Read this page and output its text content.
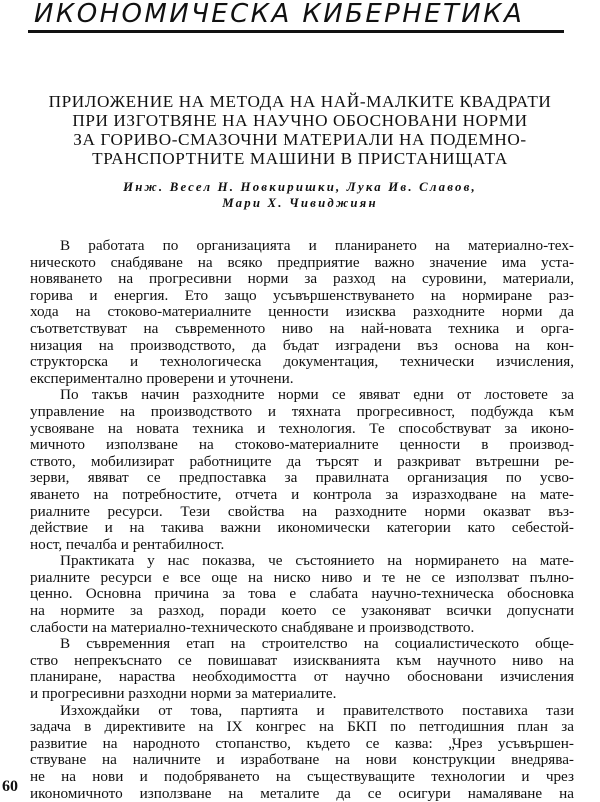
ИКОНОМИЧЕСКА КИБЕРНЕТИКА
ПРИЛОЖЕНИЕ НА МЕТОДА НА НАЙ-МАЛКИТЕ КВАДРАТИ
ПРИ ИЗГОТВЯНЕ НА НАУЧНО ОБОСНОВАНИ НОРМИ
ЗА ГОРИВО-СМАЗОЧНИ МАТЕРИАЛИ НА ПОДЕМНО-
ТРАНСПОРТНИТЕ МАШИНИ В ПРИСТАНИЩАТА
Инж. Весел Н. Новкиришки, Лука Ив. Славов,
Мари Х. Чивиджиян
В работата по организацията и планирането на материално-тех-
ническото снабдяване на всяко предприятие важно значение има уста-
новяването на прогресивни норми за разход на суровини, материали,
горива и енергия. Ето защо усъвършенствуването на нормиране раз-
хода на стоково-материалните ценности изисква разходните норми да
съответствуват на съвременното ниво на най-новата техника и орга-
низация на производството, да бъдат изградени въз основа на кон-
структорска и технологическа документация, технически изчисления,
експериментално проверени и уточнени.
По такъв начин разходните норми се явяват едни от лостовете за
управление на производството и тяхната прогресивност, подбужда към
усвояване на новата техника и технология. Те способствуват за иконо-
мичното използване на стоково-материалните ценности в производ-
ството, мобилизират работниците да търсят и разкриват вътрешни ре-
зерви, явяват се предпоставка за правилната организация по усво-
яването на потребностите, отчета и контрола за изразходване на мате-
риалните ресурси. Тези свойства на разходните норми оказват въз-
действие и на такива важни икономически категории като себестой-
ност, печалба и рентабилност.
Практиката у нас показва, че състоянието на нормирането на мате-
риалните ресурси е все още на ниско ниво и те не се използват пълно-
ценно. Основна причина за това е слабата научно-техническа обосновка
на нормите за разход, поради което се узаконяват всички допуснати
слабости на материално-техническото снабдяване и производството.
В съвременния етап на строителство на социалистическото обще-
ство непрекъснато се повишават изискванията към научното ниво на
планиране, нараства необходимостта от научно обосновани изчисления
и прогресивни разходни норми за материалите.
Изхождайки от това, партията и правителството поставиха тази
задача в директивите на IX конгрес на БКП по петгодишния план за
развитие на народното стопанство, където се казва: „Чрез усъвършен-
ствуване на наличните и изработване на нови конструкции внедрява-
не на нови и подобряването на съществуващите технологии и чрез
икономичното използване на металите да се осигури намаляване на
60
